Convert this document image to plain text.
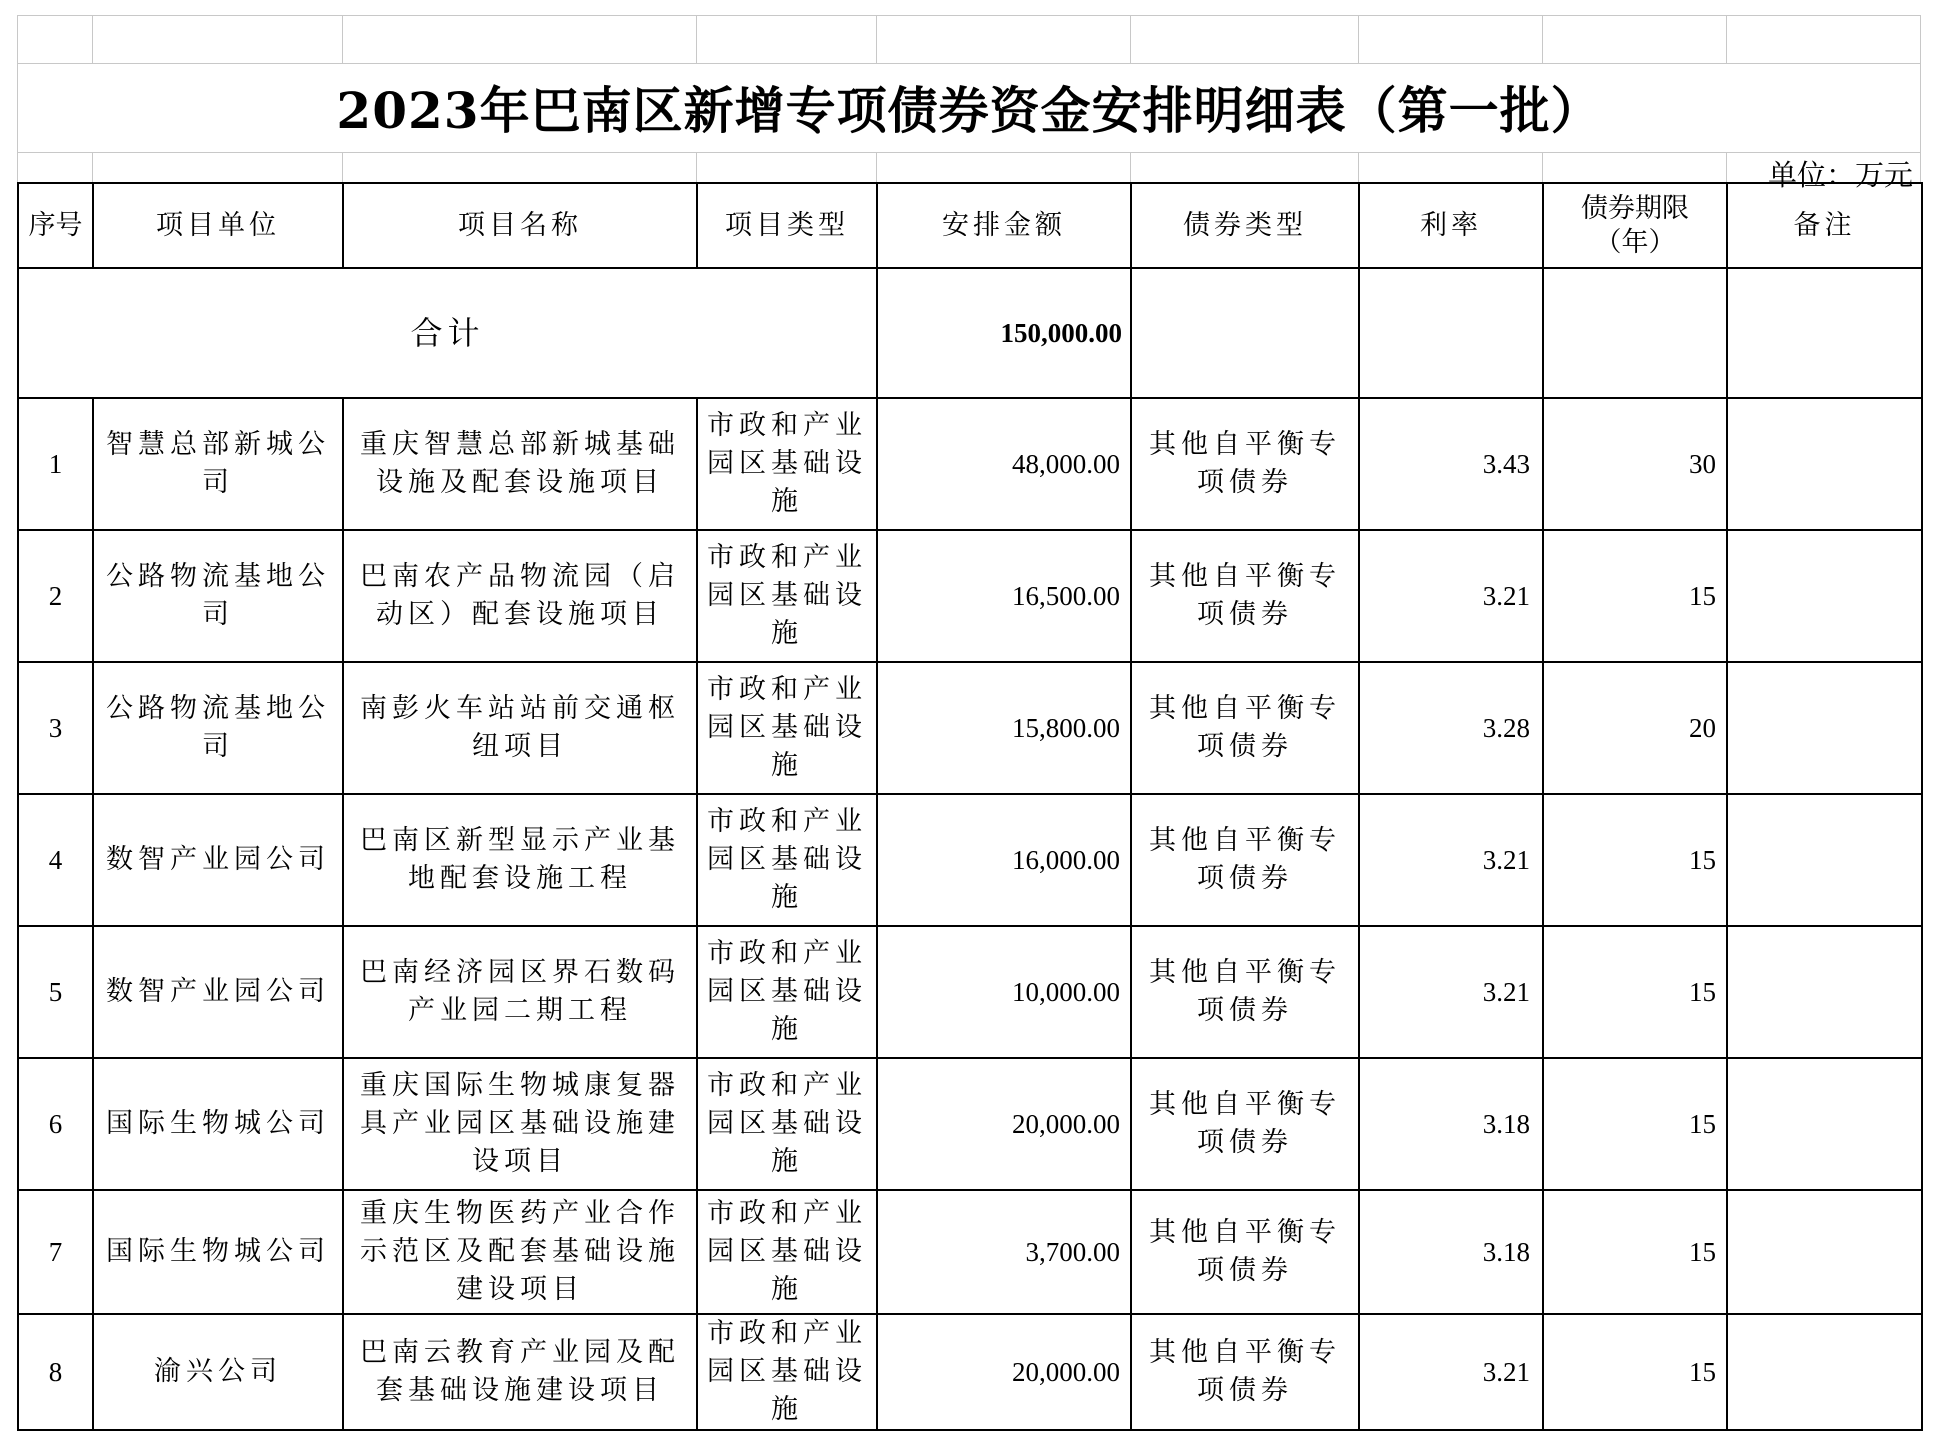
2023年巴南区新增专项债券资金安排明细表（第一批）
单位：万元
序号	项目单位	项目名称	项目类型	安排金额	债券类型	利率	债券期限（年）	备注
合计				150,000.00				
1	智慧总部新城公司	重庆智慧总部新城基础设施及配套设施项目	市政和产业园区基础设施	48,000.00	其他自平衡专项债券	3.43	30	
2	公路物流基地公司	巴南农产品物流园（启动区）配套设施项目	市政和产业园区基础设施	16,500.00	其他自平衡专项债券	3.21	15	
3	公路物流基地公司	南彭火车站站前交通枢纽项目	市政和产业园区基础设施	15,800.00	其他自平衡专项债券	3.28	20	
4	数智产业园公司	巴南区新型显示产业基地配套设施工程	市政和产业园区基础设施	16,000.00	其他自平衡专项债券	3.21	15	
5	数智产业园公司	巴南经济园区界石数码产业园二期工程	市政和产业园区基础设施	10,000.00	其他自平衡专项债券	3.21	15	
6	国际生物城公司	重庆国际生物城康复器具产业园区基础设施建设项目	市政和产业园区基础设施	20,000.00	其他自平衡专项债券	3.18	15	
7	国际生物城公司	重庆生物医药产业合作示范区及配套基础设施建设项目	市政和产业园区基础设施	3,700.00	其他自平衡专项债券	3.18	15	
8	渝兴公司	巴南云教育产业园及配套基础设施建设项目	市政和产业园区基础设施	20,000.00	其他自平衡专项债券	3.21	15	
